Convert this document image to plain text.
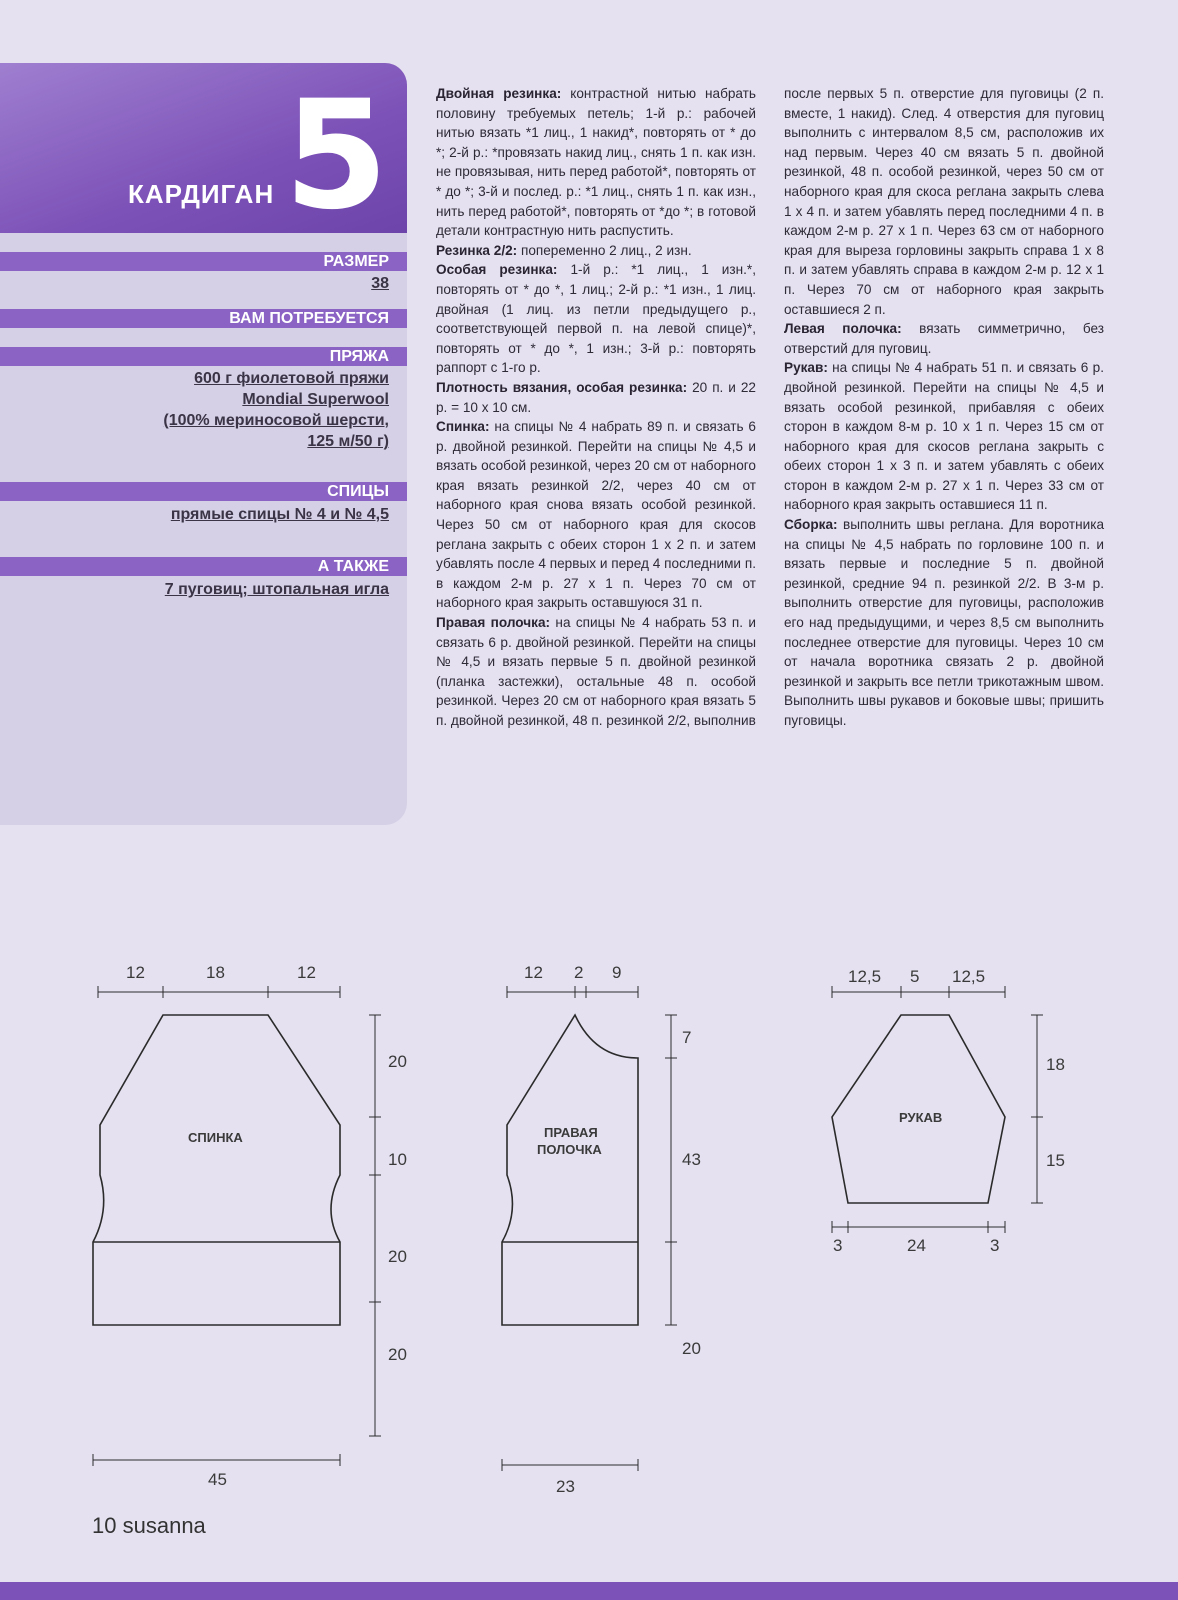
КАРДИГАН 5
РАЗМЕР
38
ВАМ ПОТРЕБУЕТСЯ
ПРЯЖА
600 г фиолетовой пряжи
Mondial Superwool
(100% мериносовой шерсти,
125 м/50 г)
СПИЦЫ
прямые спицы № 4 и № 4,5
А ТАКЖЕ
7 пуговиц; штопальная игла

Двойная резинка: контрастной нитью набрать половину требуемых петель; 1-й р.: рабочей нитью вязать *1 лиц., 1 накид*, повторять от * до *; 2-й р.: *провязать накид лиц., снять 1 п. как изн. не провязывая, нить перед работой*, повторять от * до *; 3-й и послед. р.: *1 лиц., снять 1 п. как изн., нить перед работой*, повторять от *до *; в готовой детали контрастную нить распустить.

Резинка 2/2: попеременно 2 лиц., 2 изн.

Особая резинка: 1-й р.: *1 лиц., 1 изн.*, повторять от * до *, 1 лиц.; 2-й р.: *1 изн., 1 лиц. двойная (1 лиц. из петли предыдущего р., соответствующей первой п. на левой спице)*, повторять от * до *, 1 изн.; 3-й р.: повторять раппорт с 1-го р.

Плотность вязания, особая резинка: 20 п. и 22 р. = 10 x 10 см.

Спинка: на спицы № 4 набрать 89 п. и связать 6 р. двойной резинкой. Перейти на спицы № 4,5 и вязать особой резинкой, через 20 см от наборного края вязать резинкой 2/2, через 40 см от наборного края снова вязать особой резинкой. Через 50 см от наборного края для скосов реглана закрыть с обеих сторон 1 x 2 п. и затем убавлять после 4 первых и перед 4 последними п. в каждом 2-м р. 27 x 1 п. Через 70 см от наборного края закрыть оставшуюся 31 п.

Правая полочка: на спицы № 4 набрать 53 п. и связать 6 р. двойной резинкой. Перейти на спицы № 4,5 и вязать первые 5 п. двойной резинкой (планка застежки), остальные 48 п. особой резинкой. Через 20 см от наборного края вязать 5 п. двойной резинкой, 48 п. резинкой 2/2, выполнив

после первых 5 п. отверстие для пуговицы (2 п. вместе, 1 накид). След. 4 отверстия для пуговиц выполнить с интервалом 8,5 см, расположив их над первым. Через 40 см вязать 5 п. двойной резинкой, 48 п. особой резинкой, через 50 см от наборного края для скоса реглана закрыть слева 1 x 4 п. и затем убавлять перед последними 4 п. в каждом 2-м р. 27 x 1 п. Через 63 см от наборного края для выреза горловины закрыть справа 1 x 8 п. и затем убавлять справа в каждом 2-м р. 12 x 1 п. Через 70 см от наборного края закрыть оставшиеся 2 п.

Левая полочка: вязать симметрично, без отверстий для пуговиц.

Рукав: на спицы № 4 набрать 51 п. и связать 6 р. двойной резинкой. Перейти на спицы № 4,5 и вязать особой резинкой, прибавляя с обеих сторон в каждом 8-м р. 10 x 1 п. Через 15 см от наборного края для скосов реглана закрыть с обеих сторон 1 x 3 п. и затем убавлять с обеих сторон в каждом 2-м р. 27 x 1 п. Через 33 см от наборного края закрыть оставшиеся 11 п.

Сборка: выполнить швы реглана. Для воротника на спицы № 4,5 набрать по горловине 100 п. и вязать первые и последние 5 п. двойной резинкой, средние 94 п. резинкой 2/2. В 3-м р. выполнить отверстие для пуговицы, расположив его над предыдущими, и через 8,5 см выполнить последнее отверстие для пуговицы. Через 10 см от начала воротника связать 2 р. двойной резинкой и закрыть все петли трикотажным швом. Выполнить швы рукавов и боковые швы; пришить пуговицы.

12	18	12
20
10
20
20
45
СПИНКА
12 2 9
7
43
20
23
ПРАВАЯ
ПОЛОЧКА
12,5 5 12,5
18
15
3	24	3
РУКАВ
10 susanna
